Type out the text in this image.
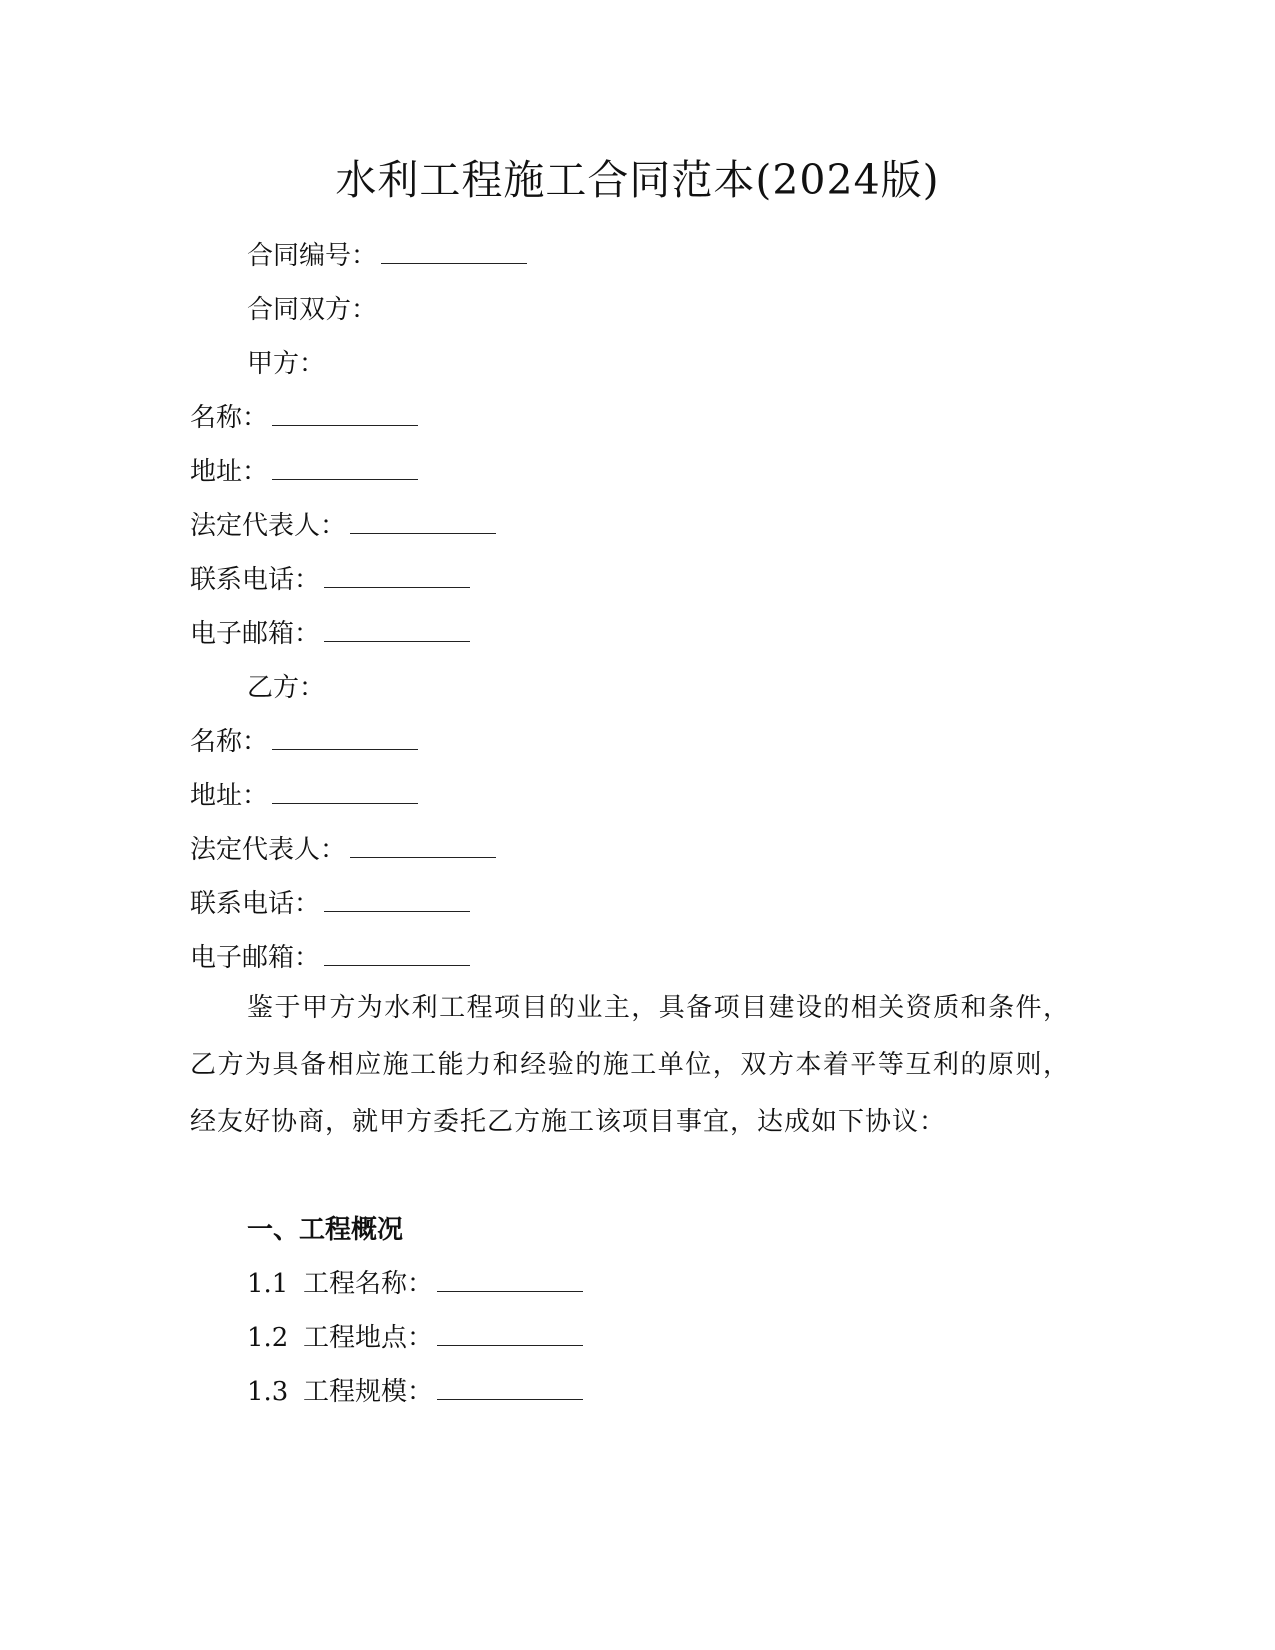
水利工程施工合同范本(2024版)
合同编号：
合同双方：
甲方：
名称：
地址：
法定代表人：
联系电话：
电子邮箱：
乙方：
名称：
地址：
法定代表人：
联系电话：
电子邮箱：
鉴于甲方为水利工程项目的业主，具备项目建设的相关资质和条件，乙方为具备相应施工能力和经验的施工单位，双方本着平等互利的原则，经友好协商，就甲方委托乙方施工该项目事宜，达成如下协议：
一、工程概况
1.1 工程名称：
1.2 工程地点：
1.3 工程规模：
